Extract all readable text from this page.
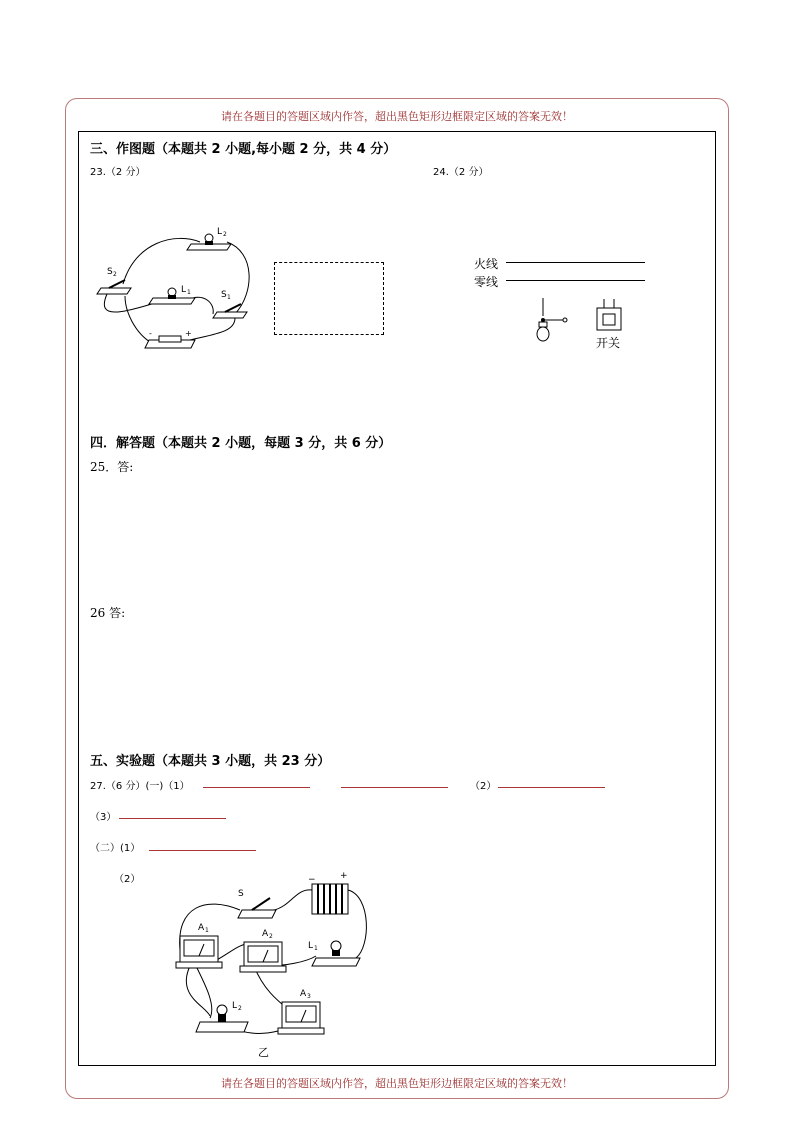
请在各题目的答题区域内作答，超出黑色矩形边框限定区域的答案无效！
请在各题目的答题区域内作答，超出黑色矩形边框限定区域的答案无效！
三、作图题（本题共 2 小题,每小题 2 分，共 4 分）
23.（2 分）	24.（2 分）
L 2
L 1
S 2
S 1
-	+
火线
零线
开关
四．解答题（本题共 2 小题，每题 3 分，共 6 分）
25．答:
26 答:
五、实验题（本题共 3 小题，共 23 分）
27.（6 分）(一)（1）	（2）
（3）
（二）(1）
（2）
S
−	+
A 1	A 2
L 1
L 2
A 3
乙
